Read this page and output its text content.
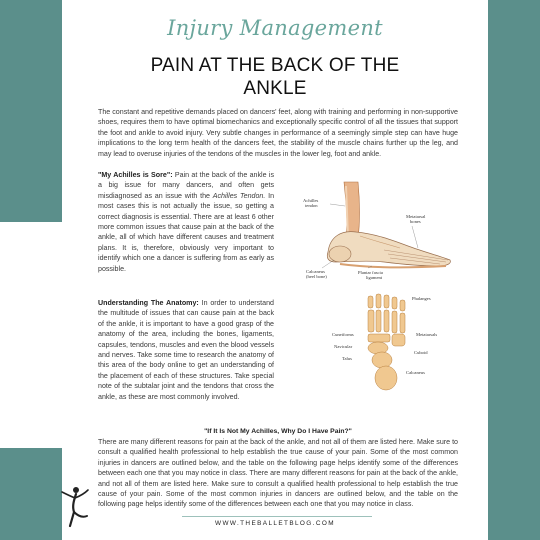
Injury Management
PAIN AT THE BACK OF THE ANKLE

The constant and repetitive demands placed on dancers' feet, along with training and performing in non-supportive shoes, requires them to have optimal biomechanics and exceptionally specific control of all the tissues that support the foot and ankle to avoid injury. Very subtle changes in performance of a seemingly simple step can have huge implications to the long term health of the dancers feet, the stability of the muscle chains further up the leg, and may lead to overuse injuries of the tendons of the muscles in the lower leg, foot and ankle.

"My Achilles is Sore": Pain at the back of the ankle is a big issue for many dancers, and often gets misdiagnosed as an issue with the Achilles Tendon. In most cases this is not actually the issue, so getting a correct diagnosis is essential. There are at least 6 other more common issues that cause pain at the back of the ankle, all of which have different causes and treatment plans. It is, therefore, obviously very important to identify which one a dancer is suffering from as early as possible.

Understanding The Anatomy: In order to understand the multitude of issues that can cause pain at the back of the ankle, it is important to have a good grasp of the anatomy of the area, including the bones, ligaments, capsules, tendons, muscles and even the blood vessels and nerves. Take some time to research the anatomy of this area of the body online to get an understanding of the placement of each of these structures. Take special note of the subtalar joint and the tendons that cross the ankle, as these are most commonly involved.

Achilles
tendon
Metatarsal
bones
Calcaneus
(heel bone)
Plantar fascia
ligament
Phalanges
Cuneiforms	Metatarsals
Navicular
Cuboid
Talus
Calcaneus
"If It Is Not My Achilles, Why Do I Have Pain?"

There are many different reasons for pain at the back of the ankle, and not all of them are listed here. Make sure to consult a qualified health professional to help establish the true cause of your pain. Some of the most common injuries in dancers are outlined below, and the table on the following page helps identify some of the differences between each one that you may notice in class. There are many different reasons for pain at the back of the ankle, and not all of them are listed here. Make sure to consult a qualified health professional to help establish the true cause of your pain. Some of the most common injuries in dancers are outlined below, and the table on the following page helps identify some of the differences between each one that you may notice in class.

WWW.THEBALLETBLOG.COM
